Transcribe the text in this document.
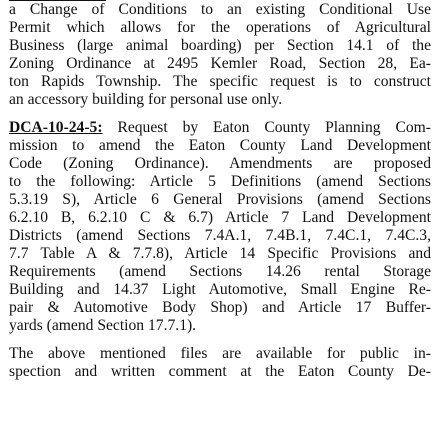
a Change of Conditions to an existing Conditional Use
Permit which allows for the operations of Agricultural
Business (large animal boarding) per Section 14.1 of the
Zoning Ordinance at 2495 Kemler Road, Section 28, Ea-
ton Rapids Township. The specific request is to construct
an accessory building for personal use only.
DCA-10-24-5: Request by Eaton County Planning Com-
mission to amend the Eaton County Land Development
Code (Zoning Ordinance). Amendments are proposed
to the following: Article 5 Definitions (amend Sections
5.3.19 S), Article 6 General Provisions (amend Sections
6.2.10 B, 6.2.10 C & 6.7) Article 7 Land Development
Districts (amend Sections 7.4A.1, 7.4B.1, 7.4C.1, 7.4C.3,
7.7 Table A & 7.7.8), Article 14 Specific Provisions and
Requirements (amend Sections 14.26 rental Storage
Building and 14.37 Light Automotive, Small Engine Re-
pair & Automotive Body Shop) and Article 17 Buffer-
yards (amend Section 17.7.1).
The above mentioned files are available for public in-
spection and written comment at the Eaton County De-
